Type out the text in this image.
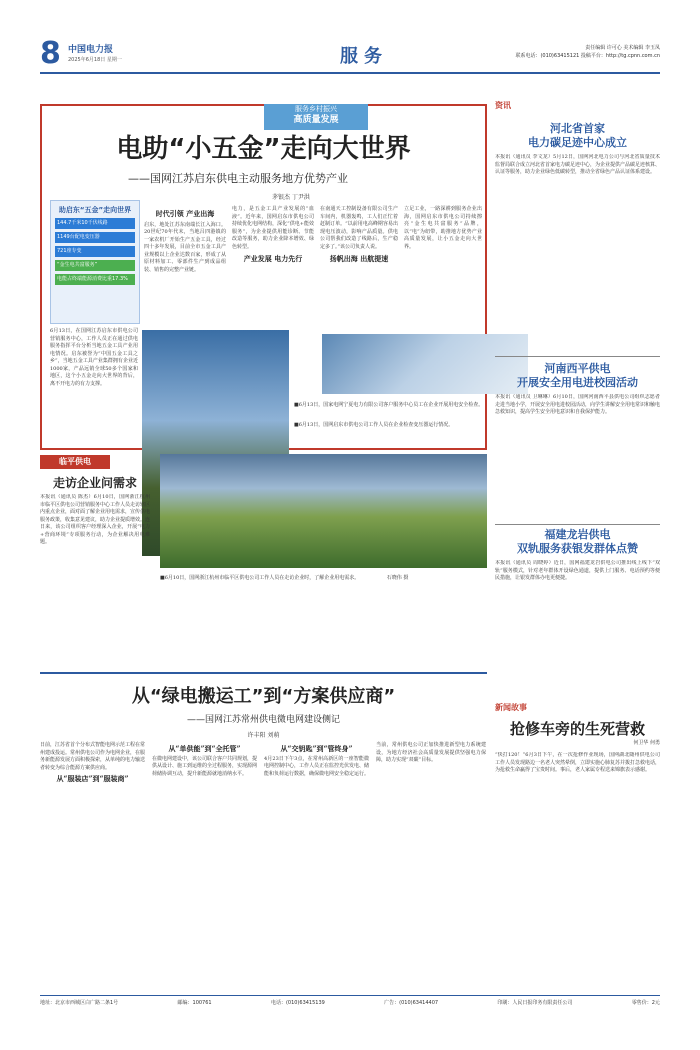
8 中国电力报
2025年6月18日 星期一	服务	责任编辑 许可心 美术编辑 李玉凤
联系电话：(010)63415121 投稿平台：http://tg.cpnn.com.cn
服务乡村振兴
高质量发展
电助“小五金”走向大世界
——国网江苏启东供电主动服务地方优势产业
茅银杰 丁尹洪
助启东“五金”走向世界
144.7千米10千伏线路
1149台配电变压器
721座专变
“金生电共富服务”
电能占终端能源消费比重17.3%
6月13日，在国网江苏启东市供电公司营销服务中心，工作人员正在通过供电服务指挥平台分析当地五金工具产业用电情况。启东被誉为“中国五金工具之乡”，当地五金工具产业集群拥有企业近1000家，产品远销全球50多个国家和地区，这个小五金走向大世界的背后，离不开电力的有力支撑。
时代引领 产业出海
启东，地处江苏东南端长江入海口。20世纪70年代末，当地吕四港镇的一家农机厂开始生产五金工具，经过四十多年发展，目前全市五金工具产业规模以上企业达数百家，形成了从原材料加工、零部件生产到成品组装、销售的完整产业链。
电力，是五金工具产业发展的“血液”。近年来，国网启东市供电公司持续优化电网结构，深化“供电+能效服务”，为企业提供用能诊断、节能改造等服务，助力企业降本增效、绿色转型。
产业发展 电力先行
在南通天工控制设备有限公司生产车间内，机器轰鸣，工人们正忙着赶制订单。“以前用电高峰期容易出现电压波动，影响产品质量。供电公司帮我们改造了线路后，生产稳定多了。”该公司负责人说。
扬帆出海 出航提速
立足工业，一路深耕到服务企业出海，国网启东市供电公司持续擦亮“金生电共富服务”品牌，以“电”为纽带，助推地方优势产业高质量发展，让小五金走向大世界。
■6月13日，国家电网宁夏电力有限公司客户服务中心员工在企业开展用电安全检查。
■6月13日，国网启东市供电公司工作人员在企业检查变压器运行情况。
临平供电
走访企业问需求
本报讯（通讯员 陈杰）6月10日，国网浙江杭州市临平区供电公司营销服务中心工作人员走访辖区内重点企业，面对面了解企业用电需求，宣传供电服务政策，收集意见建议，助力企业提质增效。连日来，该公司组织客户经理深入企业，开展“电力+营商环境”专项服务行动，为企业解决用电难题。
■6月10日，国网浙江杭州市临平区供电公司工作人员在走访企业时，了解企业用电需求。　　　　　　石晓伟 摄
从“绿电搬运工”到“方案供应商”
——国网江苏常州供电微电网建设侧记
许丰阳 刘萌
日前，江苏省首个分布式智能电网示范工程在常州建成投运。常州供电公司作为电网企业，在服务新能源发展方面积极探索，从单纯的电力输送者转变为综合能源方案供应商。
从“服装店”到“服装商”
从“单供能”到“全托管”
在微电网建设中，该公司联合客户共同规划，提供从设计、施工到运维的全过程服务，实现源网荷储协调互动，提升新能源就地消纳水平。
从“交钥匙”到“管终身”
4月23日下午3点，在常州高新区的一座智能微电网控制中心，工作人员正在监控光伏发电、储能和负荷运行数据，确保微电网安全稳定运行。
当前，常州供电公司正加快推进新型电力系统建设，为地方经济社会高质量发展提供坚强电力保障，助力实现“双碳”目标。
资讯
河北省首家
电力碳足迹中心成立
本报讯（通讯员 李文龙）5月12日，国网河北电力公司与河北省质量技术监督局联合成立河北省首家电力碳足迹中心，为企业提供产品碳足迹核算、认证等服务，助力企业绿色低碳转型，推动全省绿色产品认证体系建设。
河南西平供电
开展安全用电进校园活动
本报讯（通讯员 卫琳琳）6月10日，国网河南西平县供电公司组织志愿者走进当地小学，开展安全用电进校园活动，向学生讲解安全用电常识和触电急救知识，提高学生安全用电意识和自我保护能力。
福建龙岩供电
双轨服务获银发群体点赞
本报讯（通讯员 周晓婷）近日，国网福建龙岩供电公司推出线上线下“双轨”服务模式，针对老年群体开设绿色通道，提供上门服务、电话预约等便民措施，让银发群体办电更便捷。
新闻故事
抢修车旁的生死营救
何卫华 何勇
“快打120！”6月3日下午，在一次抢修作业现场，国网湖北随州供电公司工作人员发现路边一名老人突然晕倒，立即实施心肺复苏并拨打急救电话，为抢救生命赢得了宝贵时间。事后，老人家属专程送来锦旗表示感谢。
地址：北京市西城区白广路二条1号	邮编：100761	电话：(010)63415139	广告：(010)63414407	印刷：人民日报印务有限责任公司	零售价：2元
